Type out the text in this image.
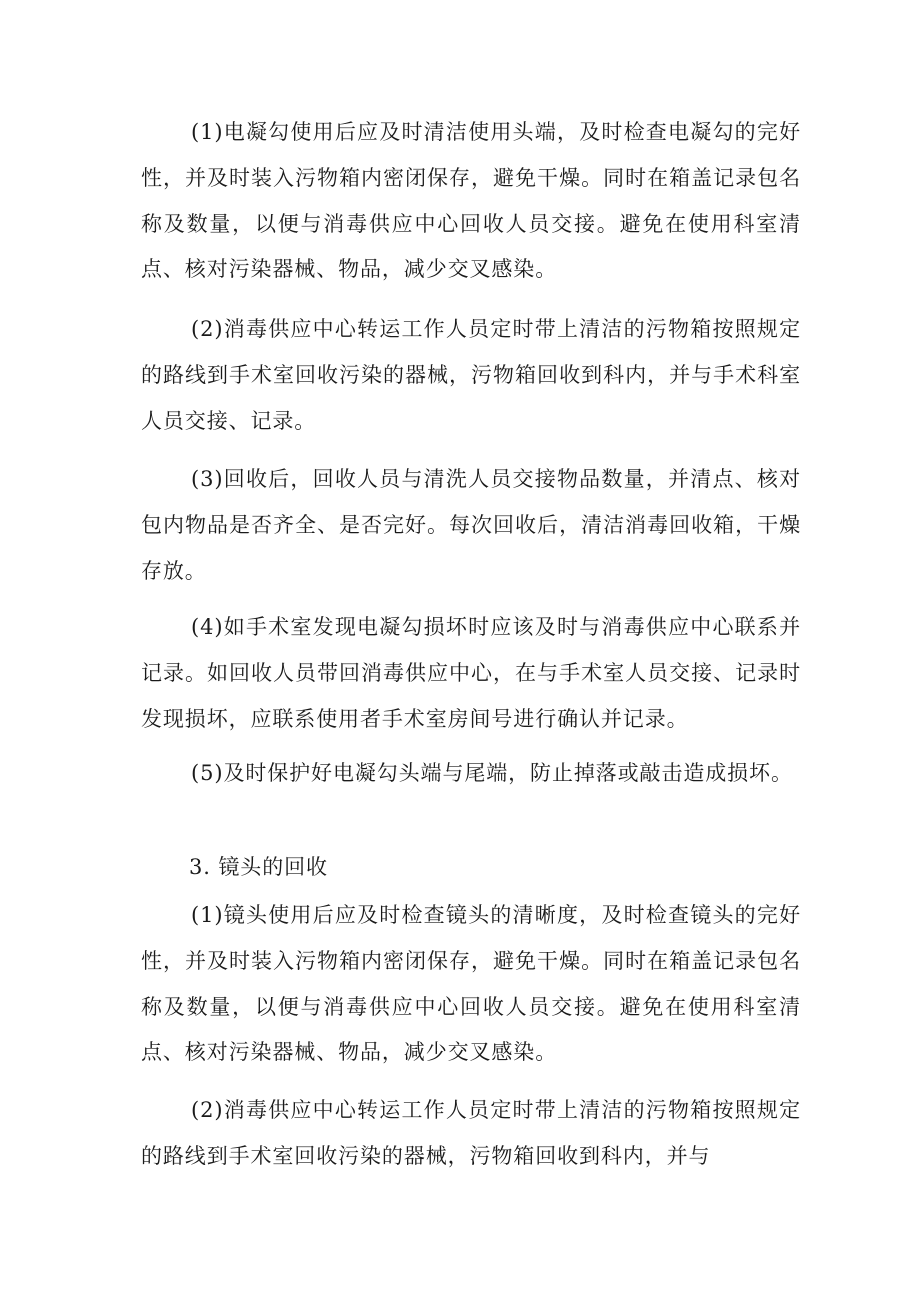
(1)电凝勾使用后应及时清洁使用头端，及时检查电凝勾的完好性，并及时装入污物箱内密闭保存，避免干燥。同时在箱盖记录包名称及数量，以便与消毒供应中心回收人员交接。避免在使用科室清点、核对污染器械、物品，减少交叉感染。

(2)消毒供应中心转运工作人员定时带上清洁的污物箱按照规定的路线到手术室回收污染的器械，污物箱回收到科内，并与手术科室人员交接、记录。

(3)回收后，回收人员与清洗人员交接物品数量，并清点、核对包内物品是否齐全、是否完好。每次回收后，清洁消毒回收箱，干燥存放。

(4)如手术室发现电凝勾损坏时应该及时与消毒供应中心联系并记录。如回收人员带回消毒供应中心，在与手术室人员交接、记录时发现损坏，应联系使用者手术室房间号进行确认并记录。

(5)及时保护好电凝勾头端与尾端，防止掉落或敲击造成损坏。

3. 镜头的回收

(1)镜头使用后应及时检查镜头的清晰度，及时检查镜头的完好性，并及时装入污物箱内密闭保存，避免干燥。同时在箱盖记录包名称及数量，以便与消毒供应中心回收人员交接。避免在使用科室清点、核对污染器械、物品，减少交叉感染。

(2)消毒供应中心转运工作人员定时带上清洁的污物箱按照规定的路线到手术室回收污染的器械，污物箱回收到科内，并与
